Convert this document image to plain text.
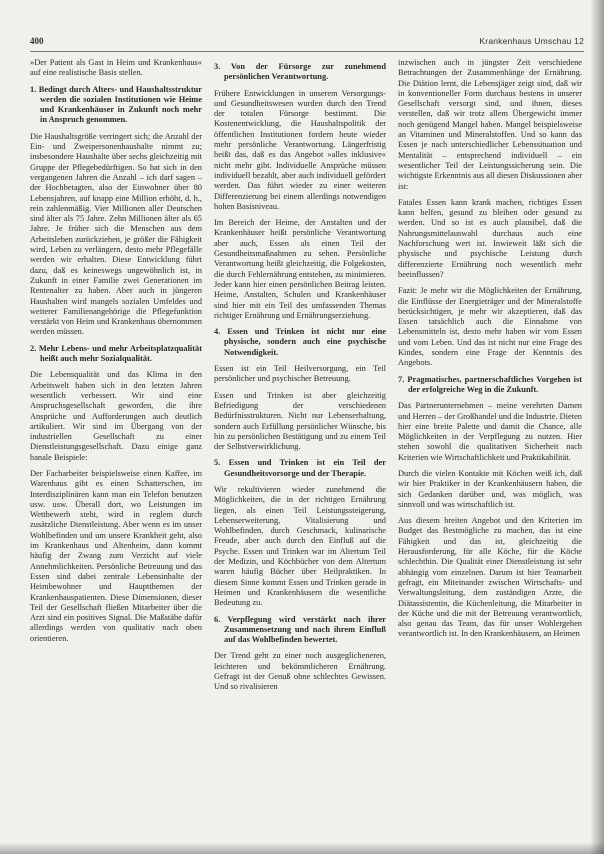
400	Krankenhaus Umschau 12

»Der Patient als Gast in Heim und Krankenhaus« auf eine realistische Basis stellen.

1. Bedingt durch Alters- und Haushaltsstruktur werden die sozialen Institutionen wie Heime und Krankenhäuser in Zukunft noch mehr in Anspruch genommen.

Die Haushaltsgröße verringert sich; die Anzahl der Ein- und Zweipersonenhaushalte nimmt zu; insbesondere Haushalte über sechs gleichzeitig mit Gruppe der Pflegebedürftigen. So hat sich in den vergangenen Jahren die Anzahl – ich darf sagen – der Hochbetagten, also der Einwohner über 80 Lebensjahren, auf knapp eine Million erhöht, d. h., rein zahlenmäßig. Vier Millionen aller Deutschen sind älter als 75 Jahre. Zehn Millionen älter als 65 Jahre. Je früher sich die Menschen aus dem Arbeitsleben zurückziehen, je größer die Fähigkeit wird, Leben zu verlängern, desto mehr Pflegefälle werden wir erhalten. Diese Entwicklung führt dazu, daß es keineswegs ungewöhnlich ist, in Zukunft in einer Familie zwei Generationen im Rentenalter zu haben. Aber auch in jüngeren Haushalten wird mangels sozialen Umfeldes und weiterer Familienangehörige die Pflegefunktion verstärkt von Heim und Krankenhaus übernommen werden müssen.

2. Mehr Lebens- und mehr Arbeitsplatzqualität heißt auch mehr Sozialqualität.

Die Lebensqualität und das Klima in den Arbeitswelt haben sich in den letzten Jahren wesentlich verbessert. Wir sind eine Anspruchsgesellschaft geworden, die ihre Ansprüche und Aufforderungen auch deutlich artikuliert. Wir sind im Übergang von der industriellen Gesellschaft zu einer Dienstleistungsgesellschaft. Dazu einige ganz banale Beispiele:

Der Facharbeiter beispielsweise einen Kaffee, im Warenhaus gibt es einen Schatterschen, im Interdisziplinären kann man ein Telefon benutzen usw. usw. Überall dort, wo Leistungen im Wettbewerb steht, wird in reglem durch zusätzliche Dienstleistung. Aber wenn es im unser Wohlbefinden und um unsere Krankheit geht, also im Krankenhaus und Altenheim, dann kommt häufig der Zwang zum Verzicht auf viele Annehmlichkeiten. Persönliche Betreuung und das Essen sind dabei zentrale Lebensinhalte der Heimbewohner und Hauptthemen der Krankenhauspatienten. Diese Dimensionen, dieser Teil der Gesellschaft fließen Mitarbeiter über die Arzt sind ein positives Signal. Die Maßstäbe dafür allerdings werden von qualitativ nach oben orientieren.

3. Von der Fürsorge zur zunehmend persönlichen Verantwortung.

Frühere Entwicklungen in unserem Versorgungs- und Gesundheitswesen wurden durch den Trend der totalen Fürsorge bestimmt. Die Kostenentwicklung, die Haushaltspolitik der öffentlichen Institutionen fordern heute wieder mehr persönliche Verantwortung. Längerfristig heißt das, daß es das Angebot »alles inklusive« nicht mehr gibt. Individuelle Ansprüche müssen individuell bezahlt, aber auch individuell gefördert werden. Das führt wieder zu einer weiteren Differenzierung bei einem allerdings notwendigen hohen Basisniveau.

Im Bereich der Heime, der Anstalten und der Krankenhäuser heißt persönliche Verantwortung aber auch, Essen als einen Teil der Gesundheitsmaßnahmen zu sehen. Persönliche Verantwortung heißt gleichzeitig, die Folgekosten, die durch Fehlernährung entstehen, zu minimieren. Jeder kann hier einen persönlichen Beitrag leisten. Heime, Anstalten, Schulen und Krankenhäuser sind hier mit ein Teil des umfassenden Themas richtiger Ernährung und Ernährungserziehung.

4. Essen und Trinken ist nicht nur eine physische, sondern auch eine psychische Notwendigkeit.

Essen ist ein Teil Heilversorgung, ein Teil persönlicher und psychischer Betreuung.

Essen und Trinken ist aber gleichzeitig Befriedigung der verschiedenen Bedürfnisstrukturen. Nicht nur Lebenserhaltung, sondern auch Erfüllung persönlicher Wünsche, bis hin zu persönlichen Bestätigung und zu einem Teil der Selbstverwirklichung.

5. Essen und Trinken ist ein Teil der Gesundheitsvorsorge und der Therapie.

Wir rekultivieren wieder zunehmend die Möglichkeiten, die in der richtigen Ernährung liegen, als einen Teil Leistungssteigerung, Lebenserweiterung, Vitalisierung und Wohlbefinden, durch Geschmack, kulinarische Freude, aber auch durch den Einfluß auf die Psyche. Essen und Trinken war im Altertum Teil der Medizin, und Köchbücher von dem Altertum waren häufig Bücher über Heilpraktiken. In diesem Sinne kommt Essen und Trinken gerade in Heimen und Krankenhäusern die wesentliche Bedeutung zu.

6. Verpflegung wird verstärkt nach ihrer Zusammensetzung und nach ihrem Einfluß auf das Wohlbefinden bewertet.

Der Trend geht zu einer noch ausgeglicheneren, leichteren und bekömmlicheren Ernährung. Gefragt ist der Genuß ohne schlechtes Gewissen. Und so rivalisieren

inzwischen auch in jüngster Zeit verschiedene Betrachtungen der Zusammenhänge der Ernährung. Die Diätion lernt, die Lebensjäger zeigt sind, daß wir in konventioneller Form durchaus bestens in unserer Gesellschaft versorgt sind, und ihnen, dieses verstellen, daß wir trotz allem Übergewicht immer noch genügend Mangel haben. Mangel beispielsweise an Vitaminen und Mineralstoffen. Und so kann das Essen je nach unterschiedlicher Lebenssituation und Mentalität – entsprechend individuell – ein wesentlicher Teil der Leistungssicherung sein. Die wichtigste Erkenntnis aus all diesen Diskussionen aber ist:

Fatales Essen kann krank machen, richtiges Essen kann helfen, gesund zu bleiben oder gesund zu werden. Und so ist es auch plausibel, daß die Nahrungsmittelauswahl durchaus auch eine Nachforschung wert ist. Inwieweit läßt sich die physische und psychische Leistung durch differenzierte Ernährung noch wesentlich mehr beeinflussen?

Fazit: Je mehr wir die Möglichkeiten der Ernährung, die Einflüsse der Energieträger und der Mineralstoffe berücksichtigen, je mehr wir akzeptieren, daß das Essen tatsächlich auch die Einnahme von Lebensmitteln ist, desto mehr haben wir vom Essen und vom Leben. Und das ist nicht nur eine Frage des Kindes, sondern eine Frage der Kenntnis des Angebots.

7. Pragmatisches, partnerschaftliches Vorgehen ist der erfolgreiche Weg in die Zukunft.

Das Partnerunternehmen – meine verehrten Damen und Herren – der Großhandel und die Industrie. Dieten hier eine breite Palette und damit die Chance, alle Möglichkeiten in der Verpflegung zu nutzen. Hier stehen sowohl die qualitativen Sicherheit nach Kriterien wie Wirtschaftlichkeit und Praktikabilität.

Durch die vielen Kontakte mit Köchen weiß ich, daß wir hier Praktiker in der Krankenhäusern haben, die sich Gedanken darüber und, was möglich, was sinnvoll und was wirtschaftlich ist.

Aus diesem breiten Angebot und den Kriterien im Budget das Bestmögliche zu machen, das ist eine Fähigkeit und das ist, gleichzeitig die Herausforderung, für alle Köche, für die Köche schlechthin. Die Qualität einer Dienstleistung ist sehr abhängig vom einzelnen. Darum ist hier Teamarbeit gefragt, ein Miteinander zwischen Wirtschafts- und Verwaltungsleitung, dem zuständigen Arzte, die Diätassistentin, die Küchenleitung, die Mitarbeiter in der Küche und die mit der Betreuung verantwortlich, also genau das Team, das für unser Wohlergehen verantwortlich ist. In den Krankenhäusern, an Heimen
